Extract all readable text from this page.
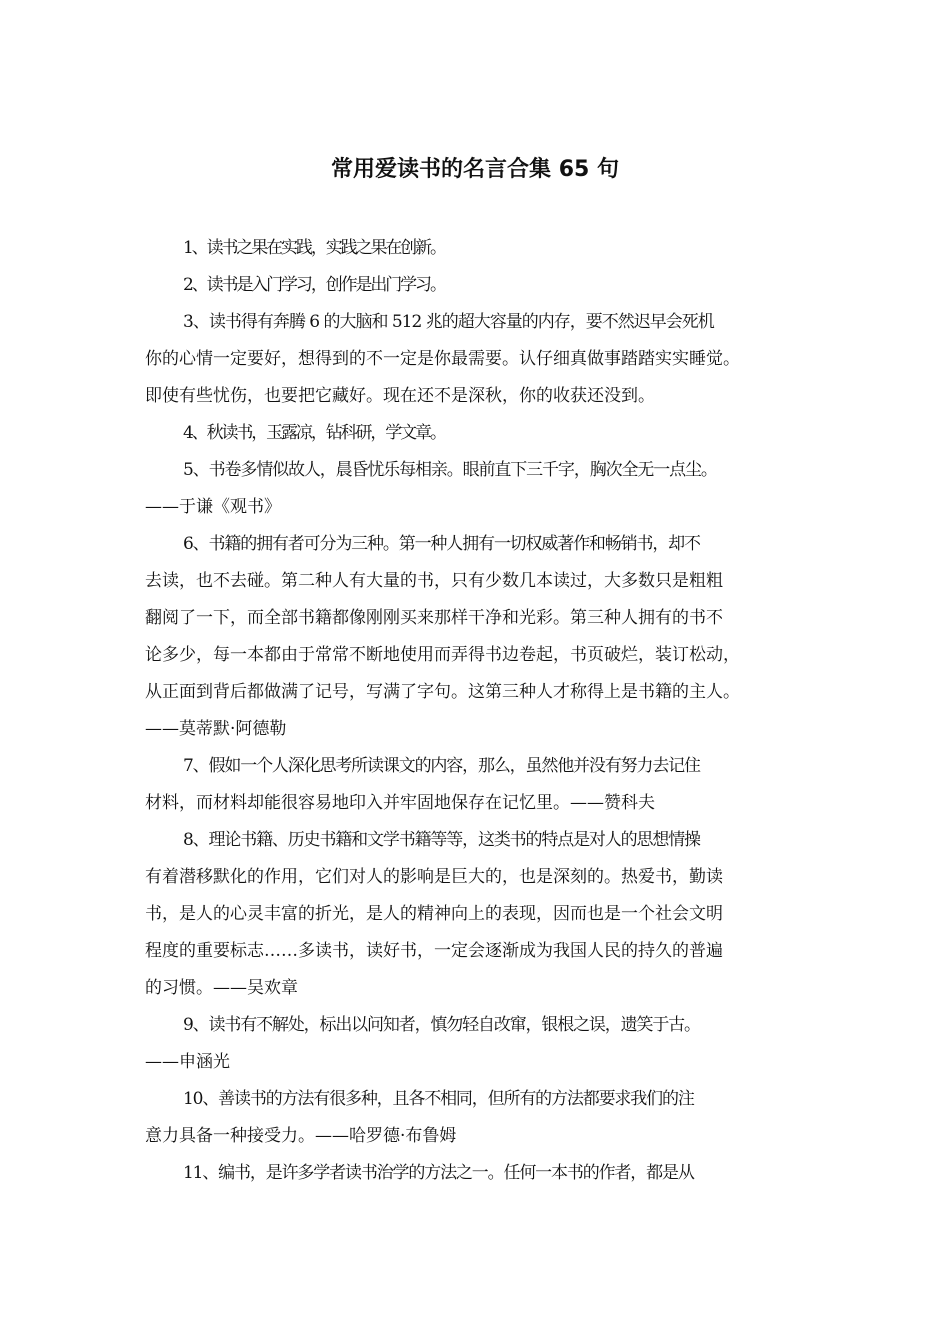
常用爱读书的名言合集 65 句
1、读书之果在实践，实践之果在创新。
2、读书是入门学习，创作是出门学习。
3、读书得有奔腾 6 的大脑和 512 兆的超大容量的内存，要不然迟早会死机
你的心情一定要好，想得到的不一定是你最需要。认仔细真做事踏踏实实睡觉。
即使有些忧伤，也要把它藏好。现在还不是深秋，你的收获还没到。
4、秋读书，玉露凉，钻科研，学文章。
5、书卷多情似故人，晨昏忧乐每相亲。眼前直下三千字，胸次全无一点尘。
——于谦《观书》
6、书籍的拥有者可分为三种。第一种人拥有一切权威著作和畅销书，却不
去读，也不去碰。第二种人有大量的书，只有少数几本读过，大多数只是粗粗
翻阅了一下，而全部书籍都像刚刚买来那样干净和光彩。第三种人拥有的书不
论多少，每一本都由于常常不断地使用而弄得书边卷起，书页破烂，装订松动，
从正面到背后都做满了记号，写满了字句。这第三种人才称得上是书籍的主人。
——莫蒂默·阿德勒
7、假如一个人深化思考所读课文的内容，那么，虽然他并没有努力去记住
材料，而材料却能很容易地印入并牢固地保存在记忆里。——赞科夫
8、理论书籍、历史书籍和文学书籍等等，这类书的特点是对人的思想情操
有着潜移默化的作用，它们对人的影响是巨大的，也是深刻的。热爱书，勤读
书，是人的心灵丰富的折光，是人的精神向上的表现，因而也是一个社会文明
程度的重要标志……多读书，读好书，一定会逐渐成为我国人民的持久的普遍
的习惯。——吴欢章
9、读书有不解处，标出以问知者，慎勿轻自改窜，银根之误，遗笑于古。
——申涵光
10、善读书的方法有很多种，且各不相同，但所有的方法都要求我们的注
意力具备一种接受力。——哈罗德·布鲁姆
11、编书，是许多学者读书治学的方法之一。任何一本书的作者，都是从
